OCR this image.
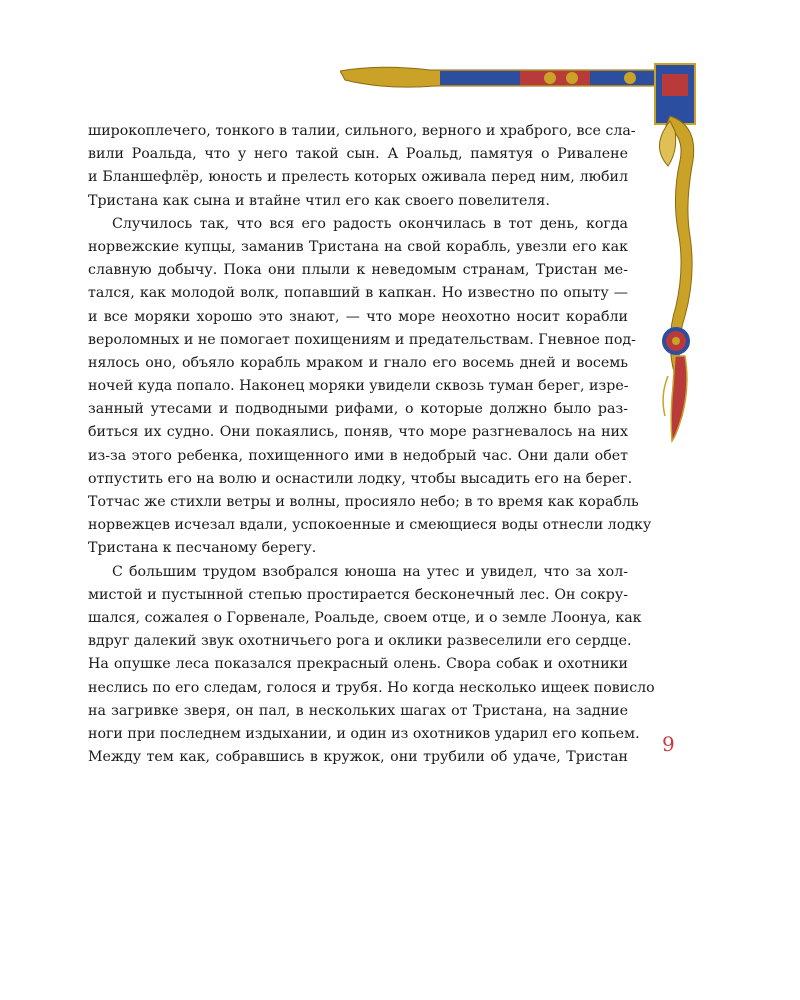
широкоплечего, тонкого в талии, сильного, верного и храброго, все сла-
вили Роальда, что у него такой сын. А Роальд, памятуя о Ривалене
и Бланшефлёр, юность и прелесть которых оживала перед ним, любил
Тристана как сына и втайне чтил его как своего повелителя.
Случилось так, что вся его радость окончилась в тот день, когда
норвежские купцы, заманив Тристана на свой корабль, увезли его как
славную добычу. Пока они плыли к неведомым странам, Тристан ме-
тался, как молодой волк, попавший в капкан. Но известно по опыту —
и все моряки хорошо это знают, — что море неохотно носит корабли
вероломных и не помогает похищениям и предательствам. Гневное под-
нялось оно, объяло корабль мраком и гнало его восемь дней и восемь
ночей куда попало. Наконец моряки увидели сквозь туман берег, изре-
занный утесами и подводными рифами, о которые должно было раз-
биться их судно. Они покаялись, поняв, что море разгневалось на них
из-за этого ребенка, похищенного ими в недобрый час. Они дали обет
отпустить его на волю и оснастили лодку, чтобы высадить его на берег.
Тотчас же стихли ветры и волны, просияло небо; в то время как корабль
норвежцев исчезал вдали, успокоенные и смеющиеся воды отнесли лодку
Тристана к песчаному берегу.
С большим трудом взобрался юноша на утес и увидел, что за хол-
мистой и пустынной степью простирается бесконечный лес. Он сокру-
шался, сожалея о Горвенале, Роальде, своем отце, и о земле Лоонуа, как
вдруг далекий звук охотничьего рога и оклики развеселили его сердце.
На опушке леса показался прекрасный олень. Свора собак и охотники
неслись по его следам, голося и трубя. Но когда несколько ищеек повисло
на загривке зверя, он пал, в нескольких шагах от Тристана, на задние
ноги при последнем издыхании, и один из охотников ударил его копьем.
Между тем как, собравшись в кружок, они трубили об удаче, Тристан
9
